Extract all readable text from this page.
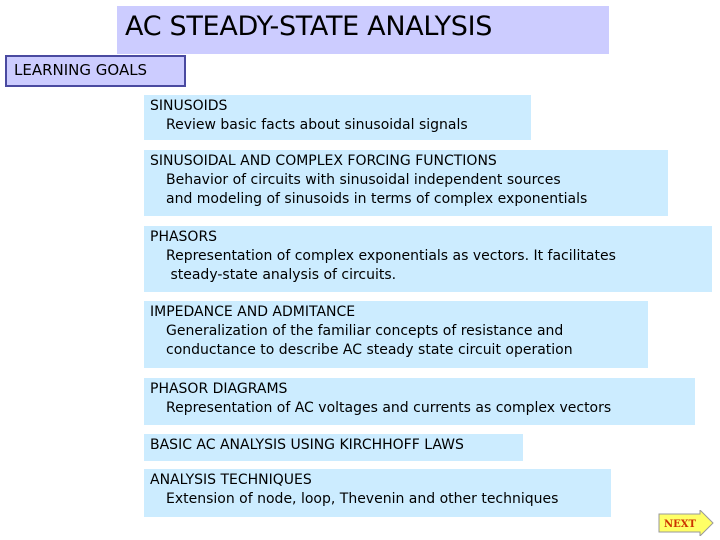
AC STEADY-STATE ANALYSIS
LEARNING GOALS
SINUSOIDS
Review basic facts about sinusoidal signals
SINUSOIDAL AND COMPLEX FORCING FUNCTIONS
Behavior of circuits with sinusoidal independent sources
and modeling of sinusoids in terms of complex exponentials
PHASORS
Representation of complex exponentials as vectors. It facilitates
steady-state analysis of circuits.
IMPEDANCE AND ADMITANCE
Generalization of the familiar concepts of resistance and
conductance to describe AC steady state circuit operation
PHASOR DIAGRAMS
Representation of AC voltages and currents as complex vectors
BASIC AC ANALYSIS USING KIRCHHOFF LAWS
ANALYSIS TECHNIQUES
Extension of node, loop, Thevenin and other techniques
NEXT
